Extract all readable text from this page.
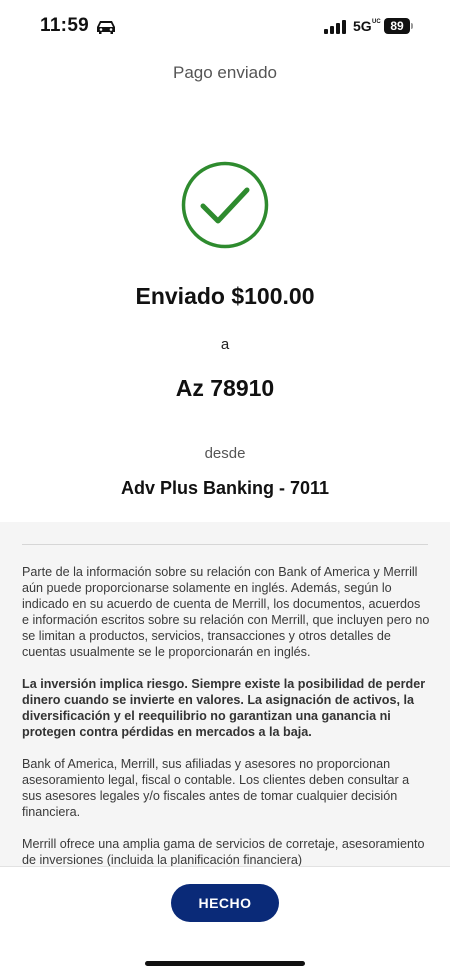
11:59	5G UC 89
Pago enviado
Enviado $100.00
a
Az 78910
desde
Adv Plus Banking - 7011

Parte de la información sobre su relación con Bank of America y Merrill aún puede proporcionarse solamente en inglés. Además, según lo indicado en su acuerdo de cuenta de Merrill, los documentos, acuerdos e información escritos sobre su relación con Merrill, que incluyen pero no se limitan a productos, servicios, transacciones y otros detalles de cuentas usualmente se le proporcionarán en inglés.

La inversión implica riesgo. Siempre existe la posibilidad de perder dinero cuando se invierte en valores. La asignación de activos, la diversificación y el reequilibrio no garantizan una ganancia ni protegen contra pérdidas en mercados a la baja.

Bank of America, Merrill, sus afiliadas y asesores no proporcionan asesoramiento legal, fiscal o contable. Los clientes deben consultar a sus asesores legales y/o fiscales antes de tomar cualquier decisión financiera.

Merrill ofrece una amplia gama de servicios de corretaje, asesoramiento de inversiones (incluida la planificación financiera)

HECHO
